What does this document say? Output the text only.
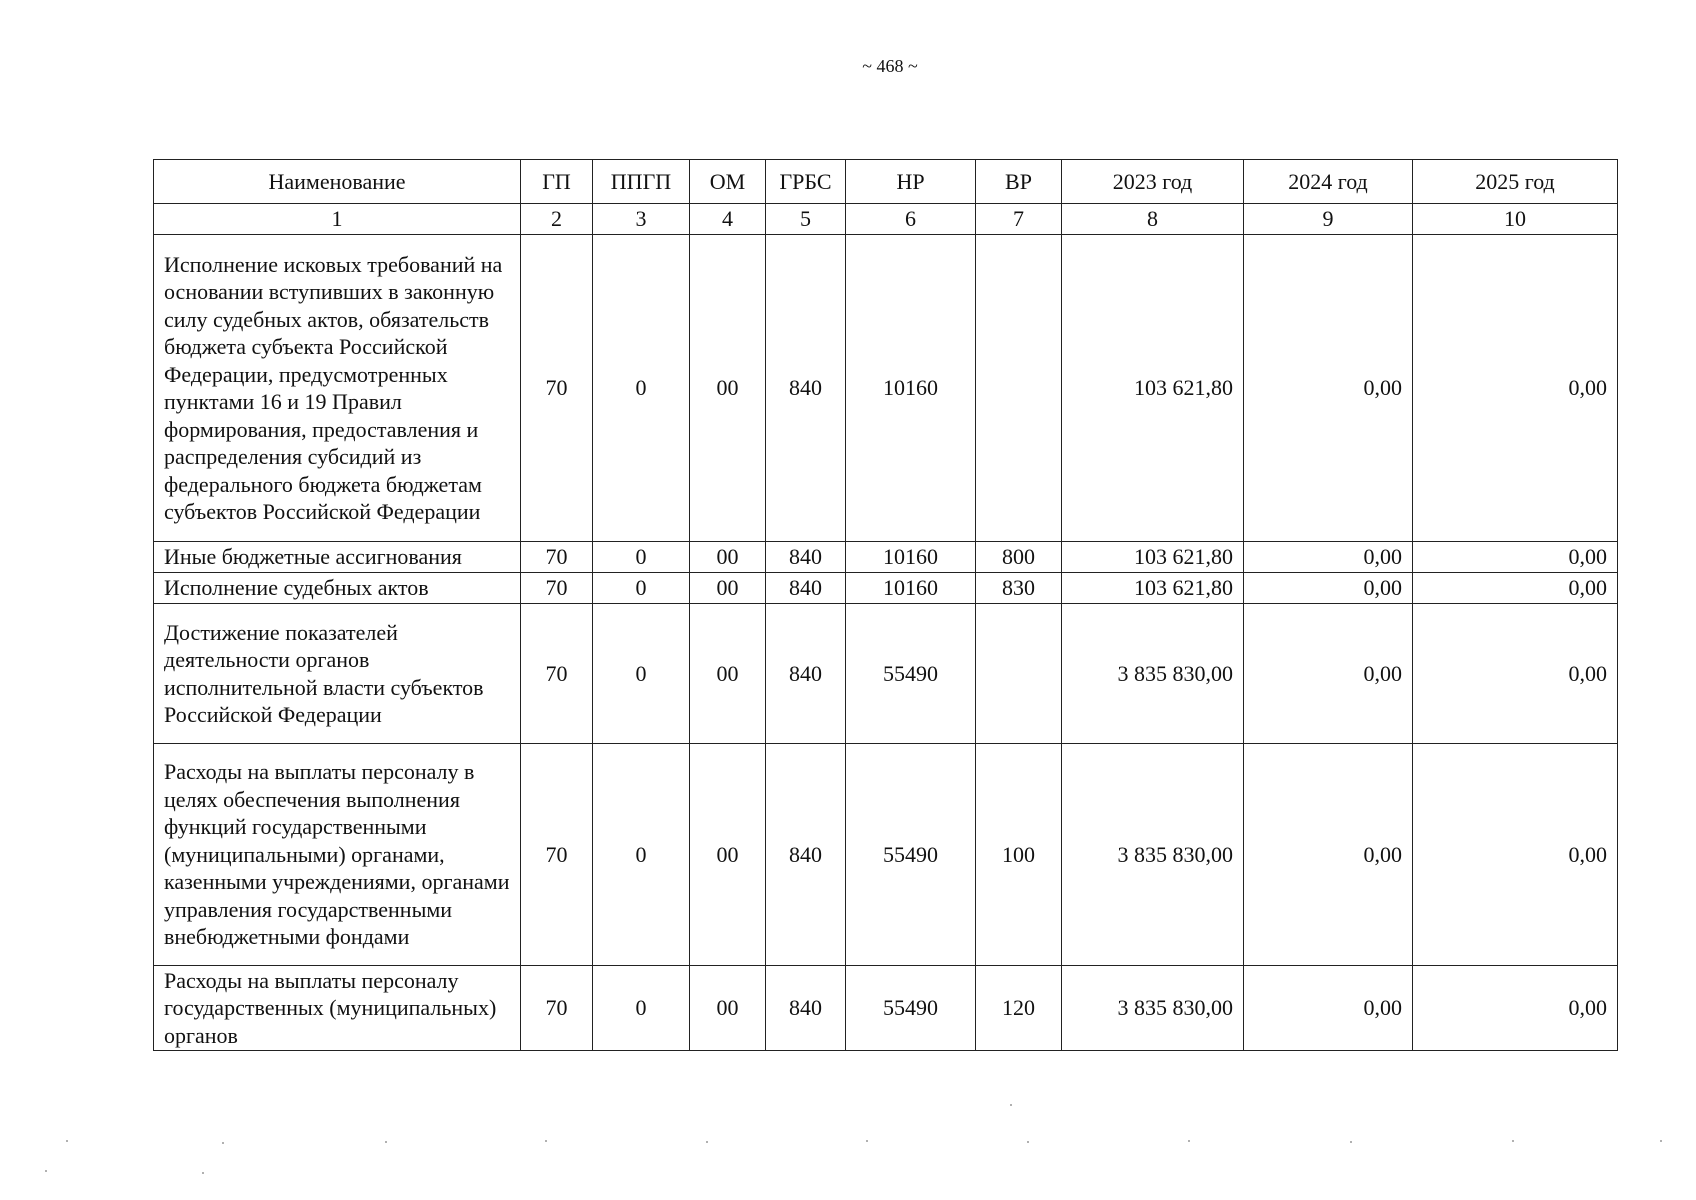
~ 468 ~
Наименование	ГП	ППГП	ОМ	ГРБС	НР	ВР	2023 год	2024 год	2025 год
1	2	3	4	5	6	7	8	9	10
Исполнение исковых требований на основании вступивших в законную силу судебных актов, обязательств бюджета субъекта Российской Федерации, предусмотренных пунктами 16 и 19 Правил формирования, предоставления и распределения субсидий из федерального бюджета бюджетам субъектов Российской Федерации	70	0	00	840	10160		103 621,80	0,00	0,00
Иные бюджетные ассигнования	70	0	00	840	10160	800	103 621,80	0,00	0,00
Исполнение судебных актов	70	0	00	840	10160	830	103 621,80	0,00	0,00
Достижение показателей деятельности органов исполнительной власти субъектов Российской Федерации	70	0	00	840	55490		3 835 830,00	0,00	0,00
Расходы на выплаты персоналу в целях обеспечения выполнения функций государственными (муниципальными) органами, казенными учреждениями, органами управления государственными внебюджетными фондами	70	0	00	840	55490	100	3 835 830,00	0,00	0,00
Расходы на выплаты персоналу государственных (муниципальных) органов	70	0	00	840	55490	120	3 835 830,00	0,00	0,00
